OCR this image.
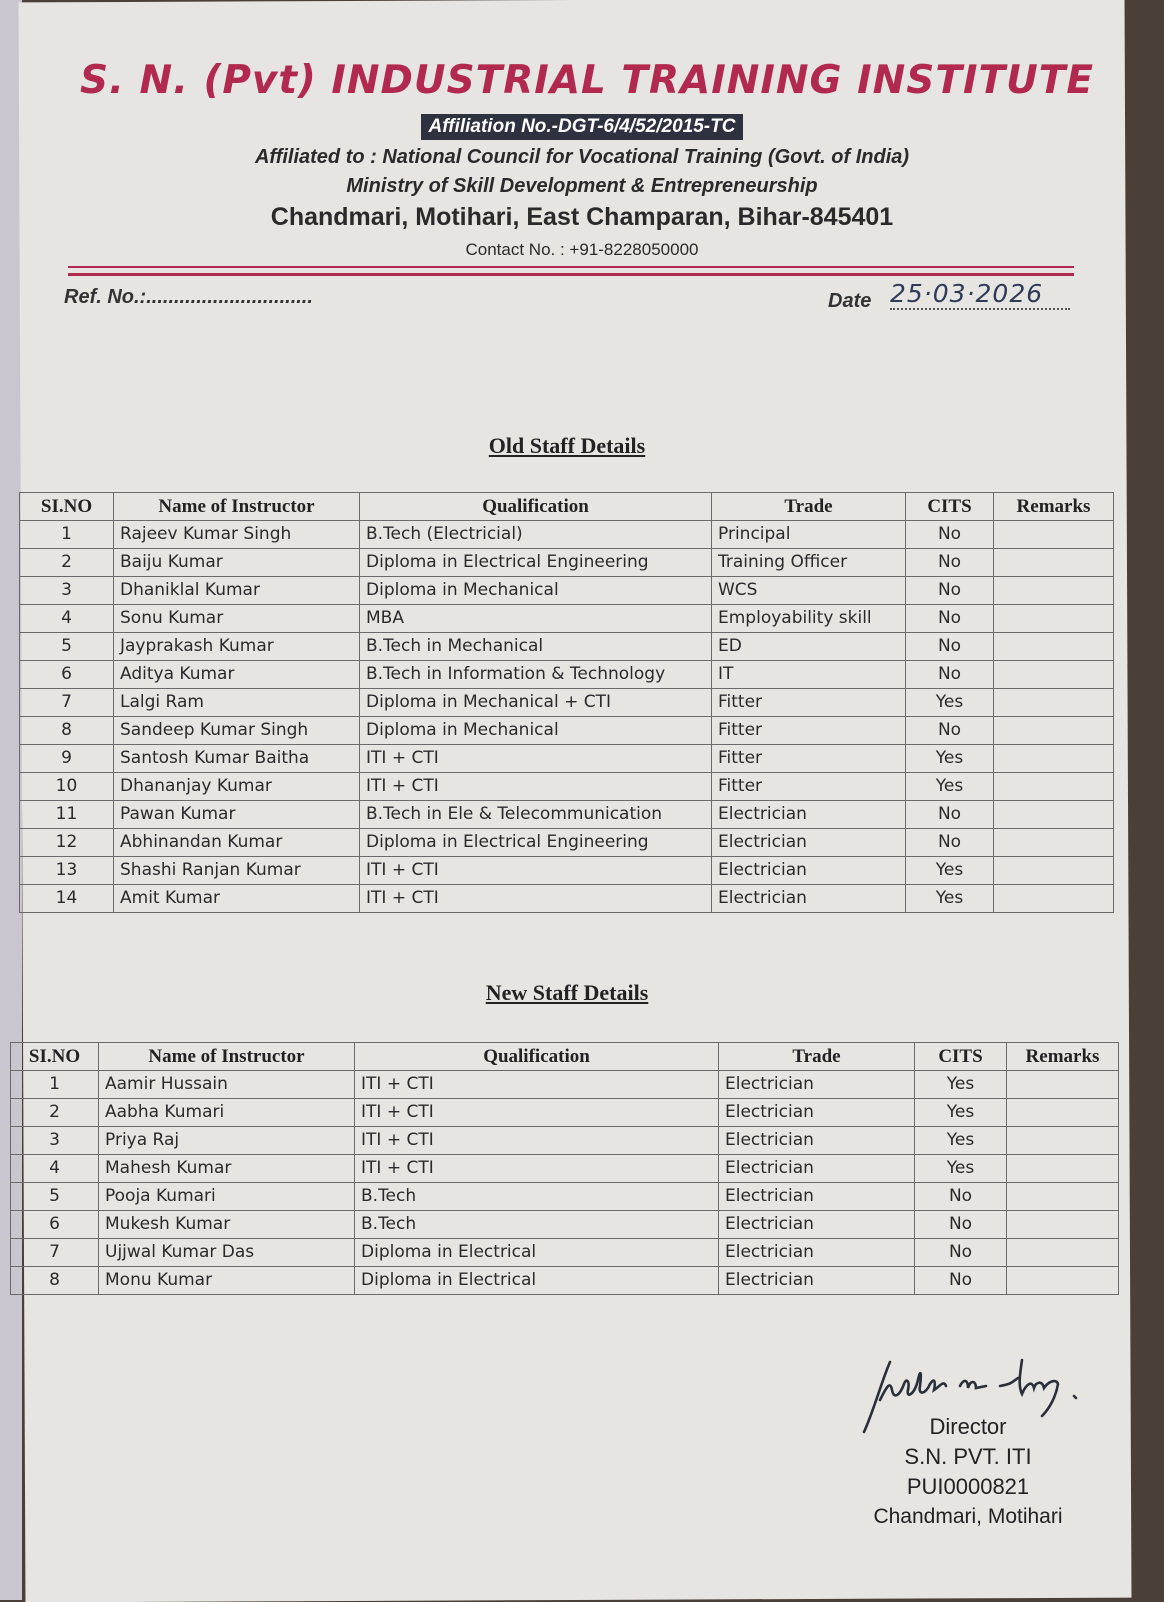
S. N. (Pvt) INDUSTRIAL TRAINING INSTITUTE
Affiliation No.-DGT-6/4/52/2015-TC
Affiliated to : National Council for Vocational Training (Govt. of India)
Ministry of Skill Development & Entrepreneurship
Chandmari, Motihari, East Champaran, Bihar-845401
Contact No. : +91-8228050000
Ref. No.:..............................	Date 25·03·2026
Old Staff Details
SI.NO	Name of Instructor	Qualification	Trade	CITS	Remarks
1	Rajeev Kumar Singh	B.Tech (Electricial)	Principal	No	
2	Baiju Kumar	Diploma in Electrical Engineering	Training Officer	No	
3	Dhaniklal Kumar	Diploma in Mechanical	WCS	No	
4	Sonu Kumar	MBA	Employability skill	No	
5	Jayprakash Kumar	B.Tech in Mechanical	ED	No	
6	Aditya Kumar	B.Tech in Information & Technology	IT	No	
7	Lalgi Ram	Diploma in Mechanical + CTI	Fitter	Yes	
8	Sandeep Kumar Singh	Diploma in Mechanical	Fitter	No	
9	Santosh Kumar Baitha	ITI + CTI	Fitter	Yes	
10	Dhananjay Kumar	ITI + CTI	Fitter	Yes	
11	Pawan Kumar	B.Tech in Ele & Telecommunication	Electrician	No	
12	Abhinandan Kumar	Diploma in Electrical Engineering	Electrician	No	
13	Shashi Ranjan Kumar	ITI + CTI	Electrician	Yes	
14	Amit Kumar	ITI + CTI	Electrician	Yes	
New Staff Details
SI.NO	Name of Instructor	Qualification	Trade	CITS	Remarks
1	Aamir Hussain	ITI + CTI	Electrician	Yes	
2	Aabha Kumari	ITI + CTI	Electrician	Yes	
3	Priya Raj	ITI + CTI	Electrician	Yes	
4	Mahesh Kumar	ITI + CTI	Electrician	Yes	
5	Pooja Kumari	B.Tech	Electrician	No	
6	Mukesh Kumar	B.Tech	Electrician	No	
7	Ujjwal Kumar Das	Diploma in Electrical	Electrician	No	
8	Monu Kumar	Diploma in Electrical	Electrician	No	
Director
S.N. PVT. ITI
PUI0000821
Chandmari, Motihari
